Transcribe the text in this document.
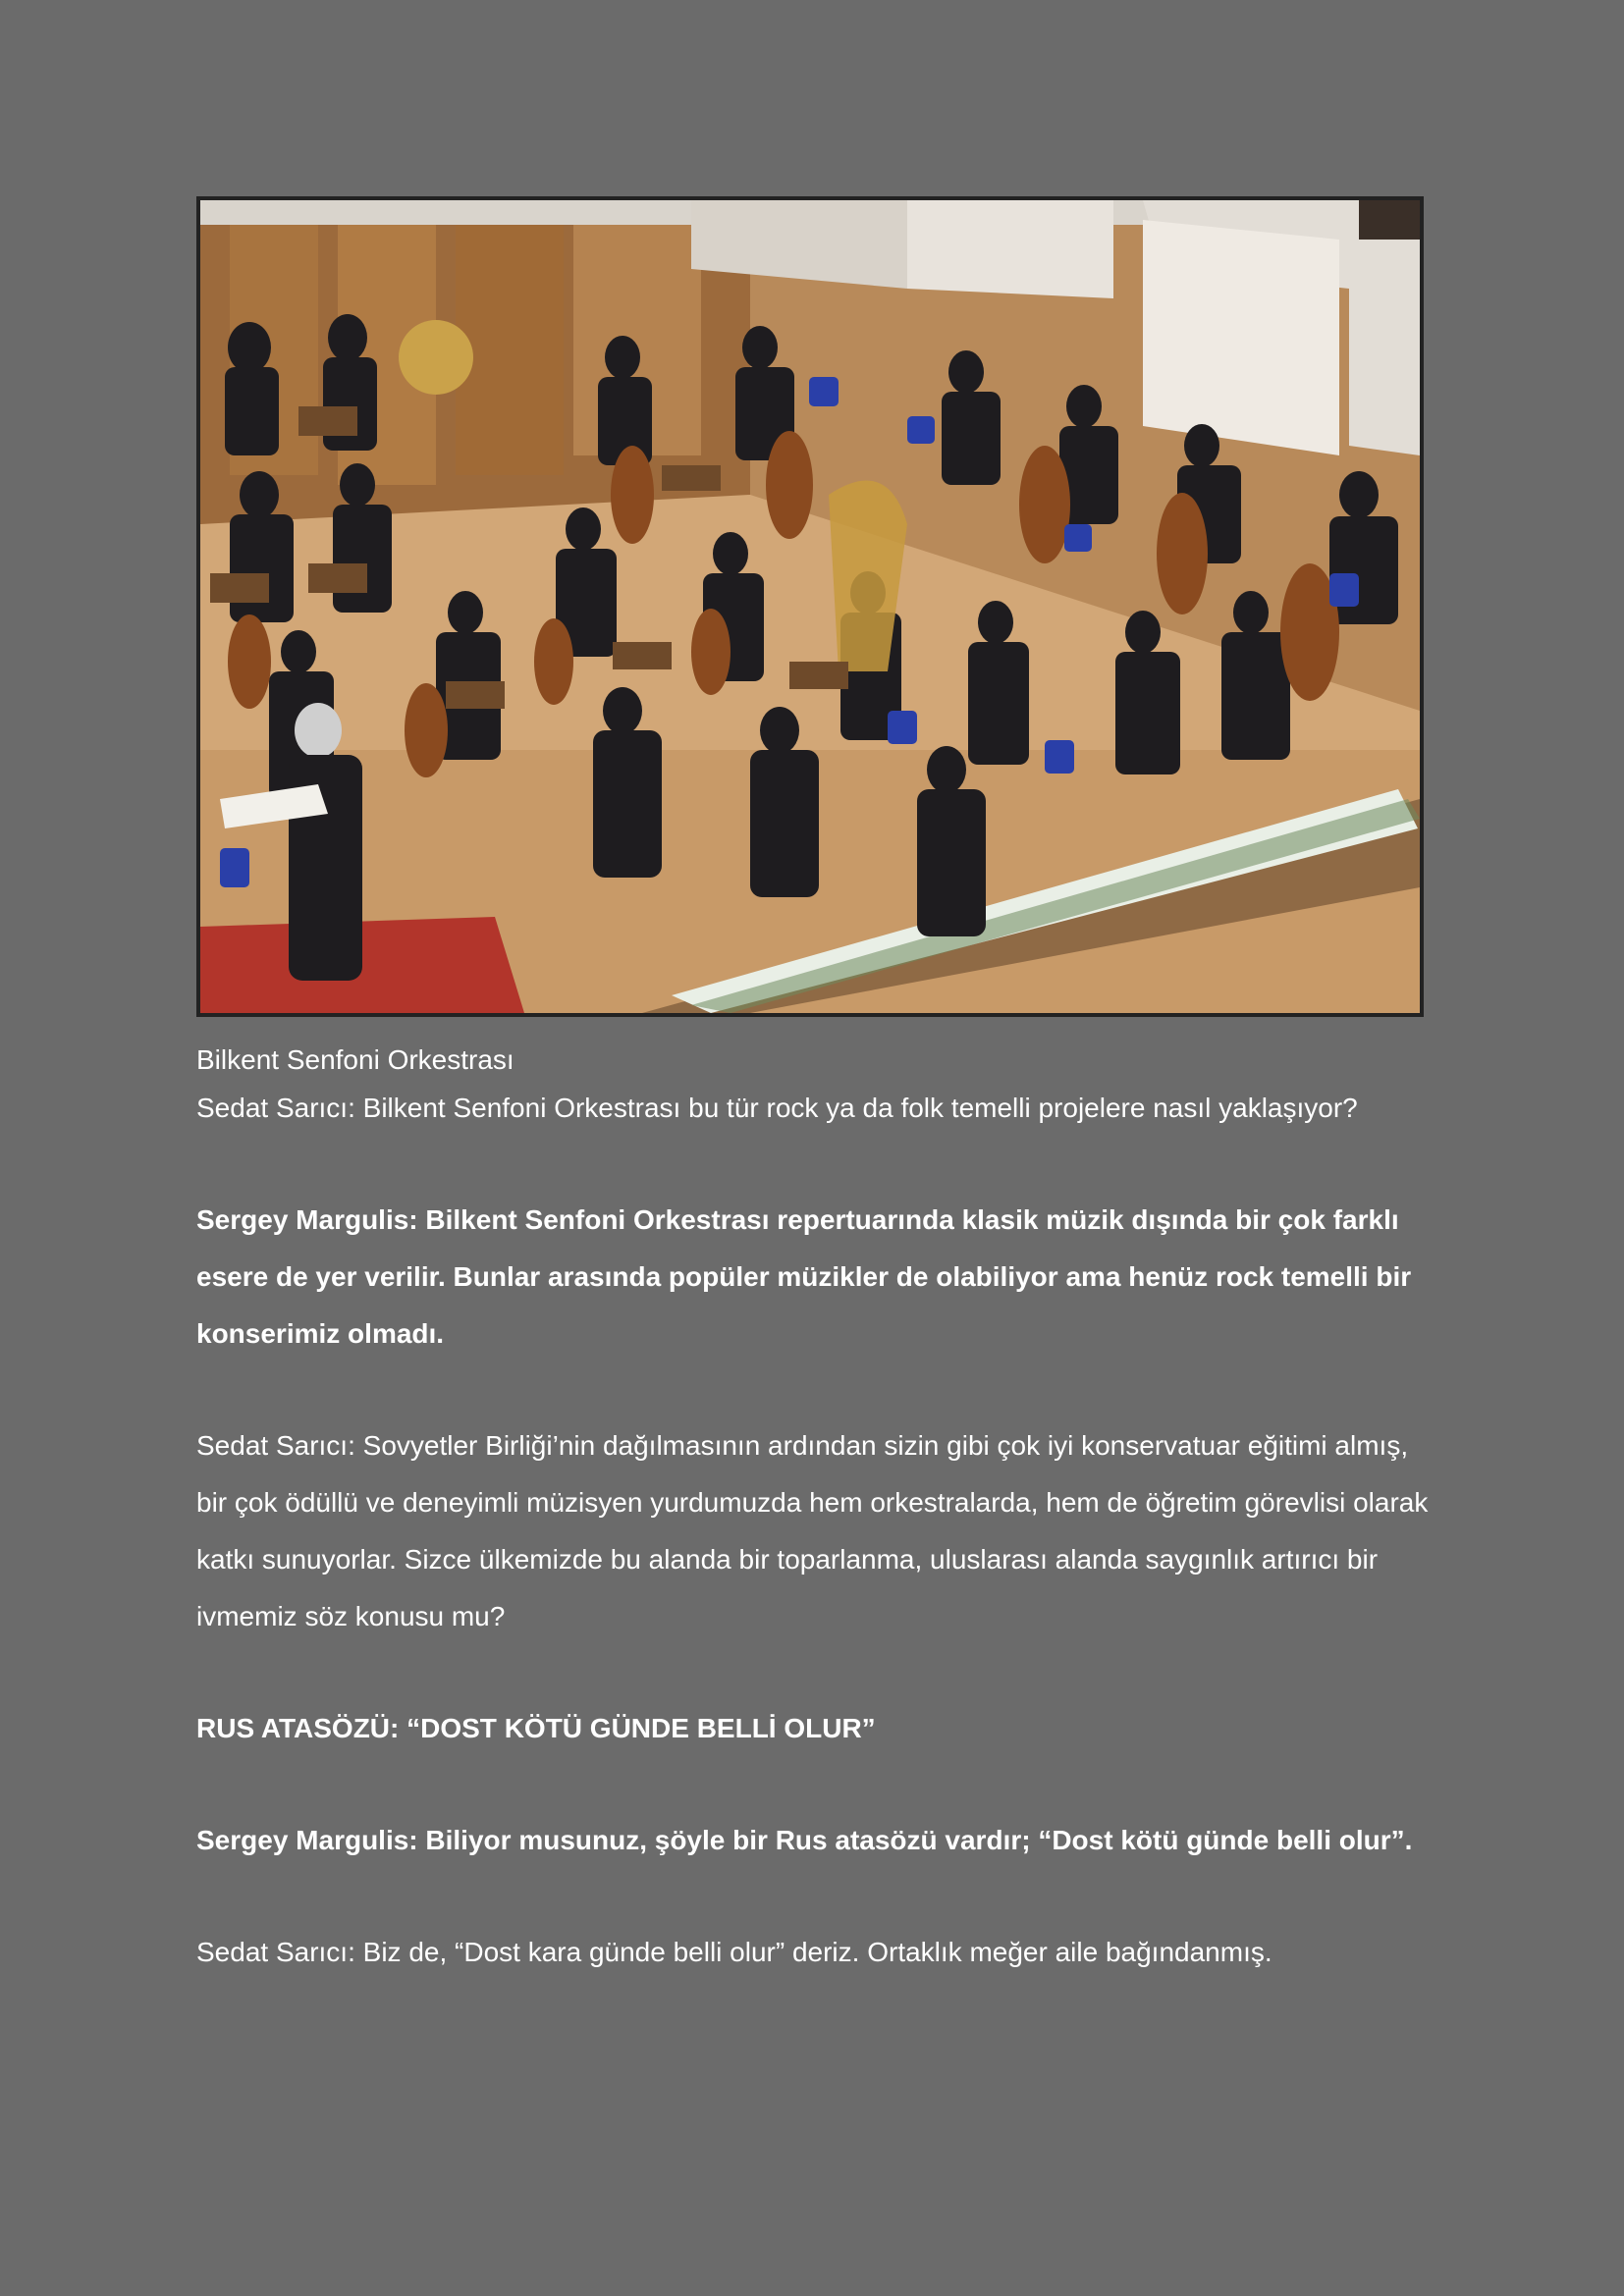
Bilkent Senfoni Orkestrası

Sedat Sarıcı: Bilkent Senfoni Orkestrası bu tür rock ya da folk temelli projelere nasıl yaklaşıyor?

Sergey Margulis: Bilkent Senfoni Orkestrası repertuarında klasik müzik dışında bir çok farklı esere de yer verilir. Bunlar arasında popüler müzikler de olabiliyor ama henüz rock temelli bir konserimiz olmadı.

Sedat Sarıcı: Sovyetler Birliği’nin dağılmasının ardından sizin gibi çok iyi konservatuar eğitimi almış, bir çok ödüllü ve deneyimli müzisyen yurdumuzda hem orkestralarda, hem de öğretim görevlisi olarak katkı sunuyorlar. Sizce ülkemizde bu alanda bir toparlanma, uluslarası alanda saygınlık artırıcı bir ivmemiz söz konusu mu?

RUS ATASÖZÜ: “DOST KÖTÜ GÜNDE BELLİ OLUR”

Sergey Margulis: Biliyor musunuz, şöyle bir Rus atasözü vardır; “Dost kötü günde belli olur”.

Sedat Sarıcı: Biz de, “Dost kara günde belli olur” deriz. Ortaklık meğer aile bağındanmış.
